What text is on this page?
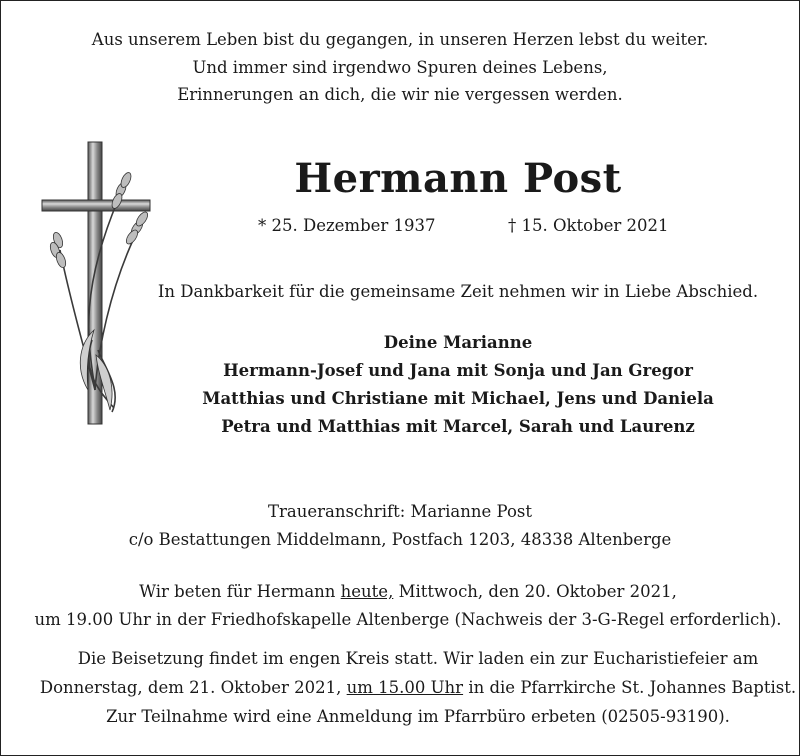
Aus unserem Leben bist du gegangen, in unseren Herzen lebst du weiter.
Und immer sind irgendwo Spuren deines Lebens,
Erinnerungen an dich, die wir nie vergessen werden.
Hermann Post
* 25. Dezember 1937	† 15. Oktober 2021
In Dankbarkeit für die gemeinsame Zeit nehmen wir in Liebe Abschied.
Deine Marianne
Hermann-Josef und Jana mit Sonja und Jan Gregor
Matthias und Christiane mit Michael, Jens und Daniela
Petra und Matthias mit Marcel, Sarah und Laurenz
Traueranschrift: Marianne Post
c/o Bestattungen Middelmann, Postfach 1203, 48338 Altenberge
Wir beten für Hermann heute, Mittwoch, den 20. Oktober 2021,
um 19.00 Uhr in der Friedhofskapelle Altenberge (Nachweis der 3-G-Regel erforderlich).
Die Beisetzung findet im engen Kreis statt. Wir laden ein zur Eucharistiefeier am
Donnerstag, dem 21. Oktober 2021, um 15.00 Uhr in die Pfarrkirche St. Johannes Baptist.
Zur Teilnahme wird eine Anmeldung im Pfarrbüro erbeten (02505-93190).
